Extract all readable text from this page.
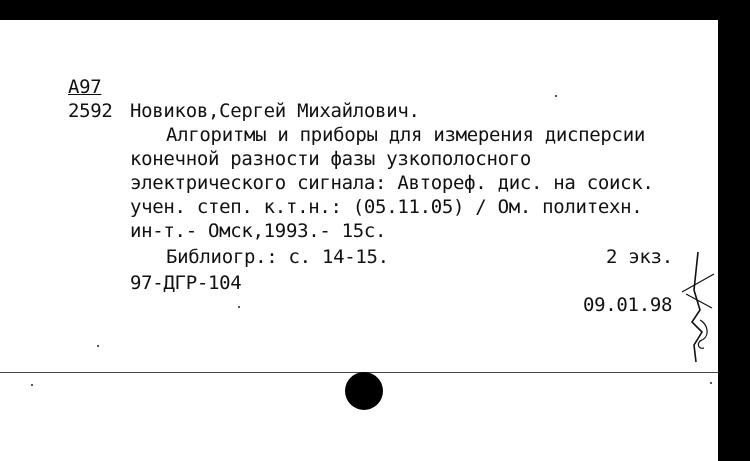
А97
2592 Новиков,Сергей Михайлович.
Алгоритмы и приборы для измерения дисперсии
конечной разности фазы узкополосного
электрического сигнала: Автореф. дис. на соиск.
учен. степ. к.т.н.: (05.11.05) / Ом. политехн.
ин-т.- Омск,1993.- 15с.
Библиогр.: с. 14-15.	2 экз.
97-ДГР-104
09.01.98
